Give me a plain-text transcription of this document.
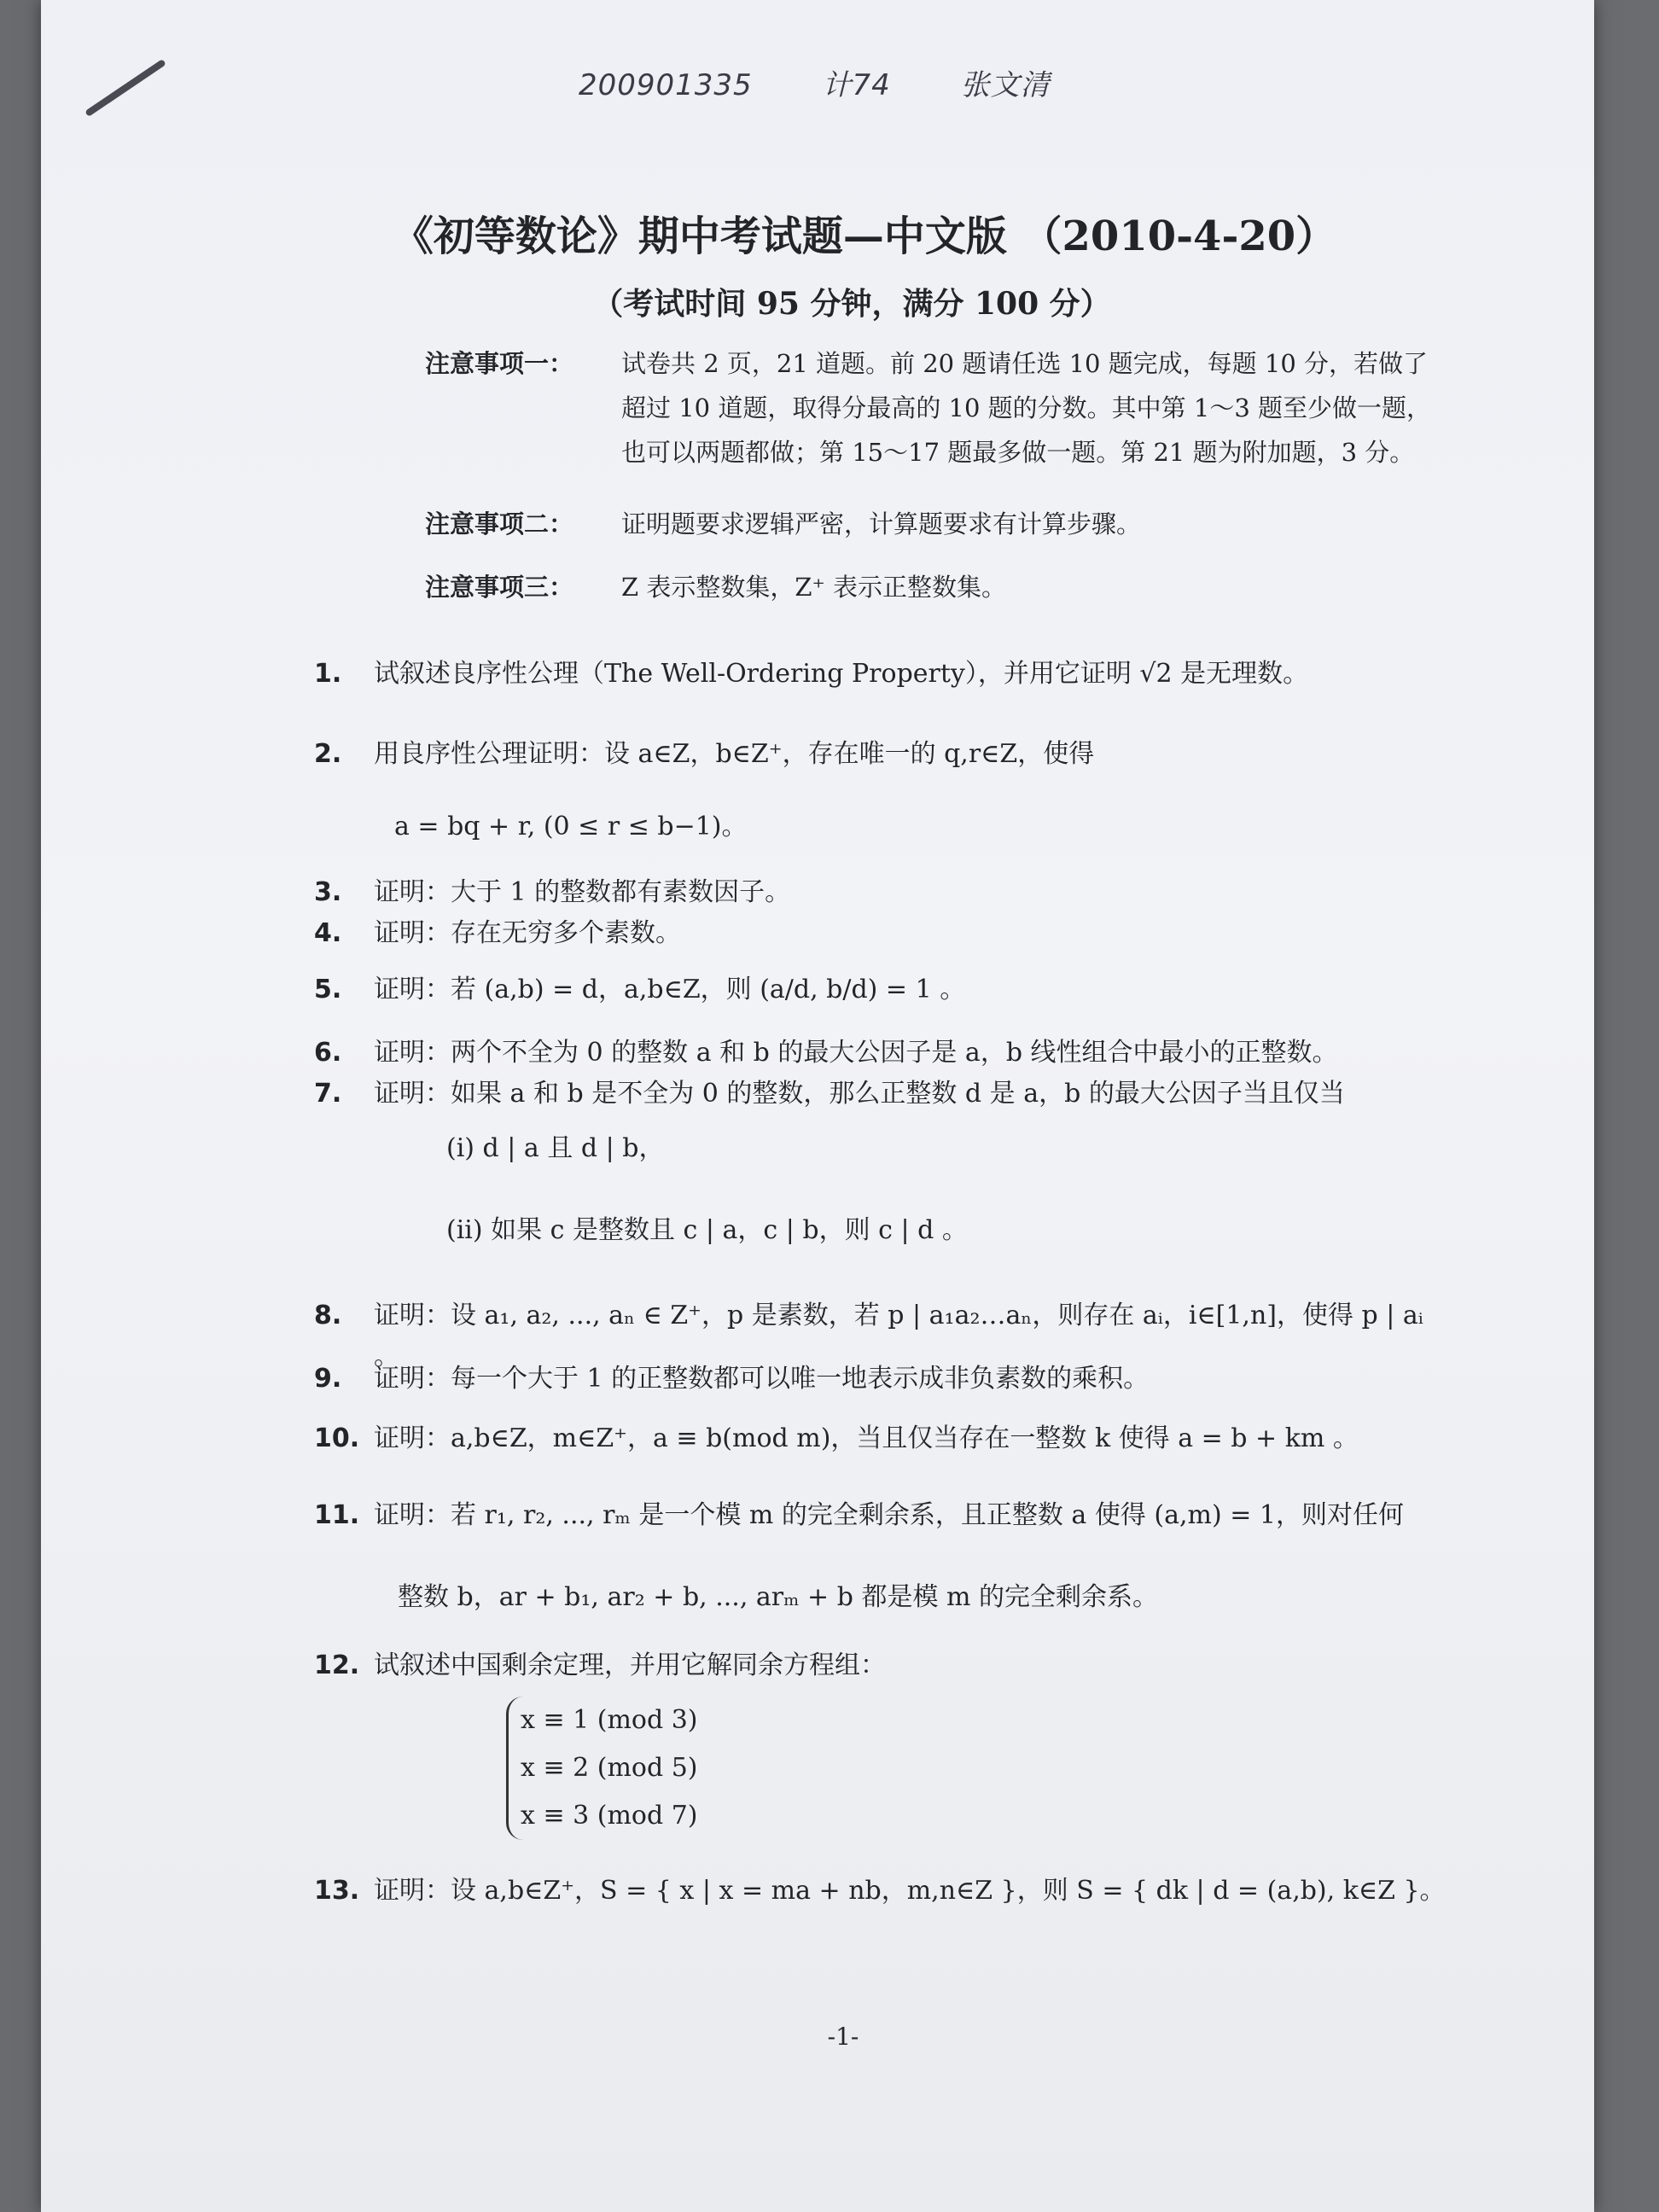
200901335 计74 张文清
《初等数论》期中考试题—中文版 （2010-4-20）
（考试时间 95 分钟，满分 100 分）
注意事项一：	试卷共 2 页，21 道题。前 20 题请任选 10 题完成，每题 10 分，若做了超过 10 道题，取得分最高的 10 题的分数。其中第 1～3 题至少做一题，也可以两题都做；第 15～17 题最多做一题。第 21 题为附加题，3 分。
注意事项二：	证明题要求逻辑严密，计算题要求有计算步骤。
注意事项三：	Z 表示整数集，Z⁺ 表示正整数集。
1.	试叙述良序性公理（The Well-Ordering Property），并用它证明 √2 是无理数。
2.	用良序性公理证明：设 a∈Z，b∈Z⁺，存在唯一的 q,r∈Z，使得
a = bq + r, (0 ≤ r ≤ b−1)。
3.	证明：大于 1 的整数都有素数因子。
4.	证明：存在无穷多个素数。
5.	证明：若 (a,b) = d，a,b∈Z，则 (a/d, b/d) = 1 。
6.	证明：两个不全为 0 的整数 a 和 b 的最大公因子是 a，b 线性组合中最小的正整数。
7.	证明：如果 a 和 b 是不全为 0 的整数，那么正整数 d 是 a，b 的最大公因子当且仅当
(i) d | a 且 d | b，
(ii) 如果 c 是整数且 c | a，c | b，则 c | d 。
8.	证明：设 a₁, a₂, ..., aₙ ∈ Z⁺，p 是素数，若 p | a₁a₂…aₙ，则存在 aᵢ，i∈[1,n]，使得 p | aᵢ 。
9.	证明：每一个大于 1 的正整数都可以唯一地表示成非负素数的乘积。
10. 证明：a,b∈Z，m∈Z⁺，a ≡ b(mod m)，当且仅当存在一整数 k 使得 a = b + km 。
11. 证明：若 r₁, r₂, ..., rₘ 是一个模 m 的完全剩余系，且正整数 a 使得 (a,m) = 1，则对任何
整数 b，ar + b₁, ar₂ + b, ..., arₘ + b 都是模 m 的完全剩余系。
12. 试叙述中国剩余定理，并用它解同余方程组：
x ≡ 1 (mod 3)
x ≡ 2 (mod 5)
x ≡ 3 (mod 7)
13. 证明：设 a,b∈Z⁺，S = { x | x = ma + nb，m,n∈Z }，则 S = { dk | d = (a,b), k∈Z }。
-1-
